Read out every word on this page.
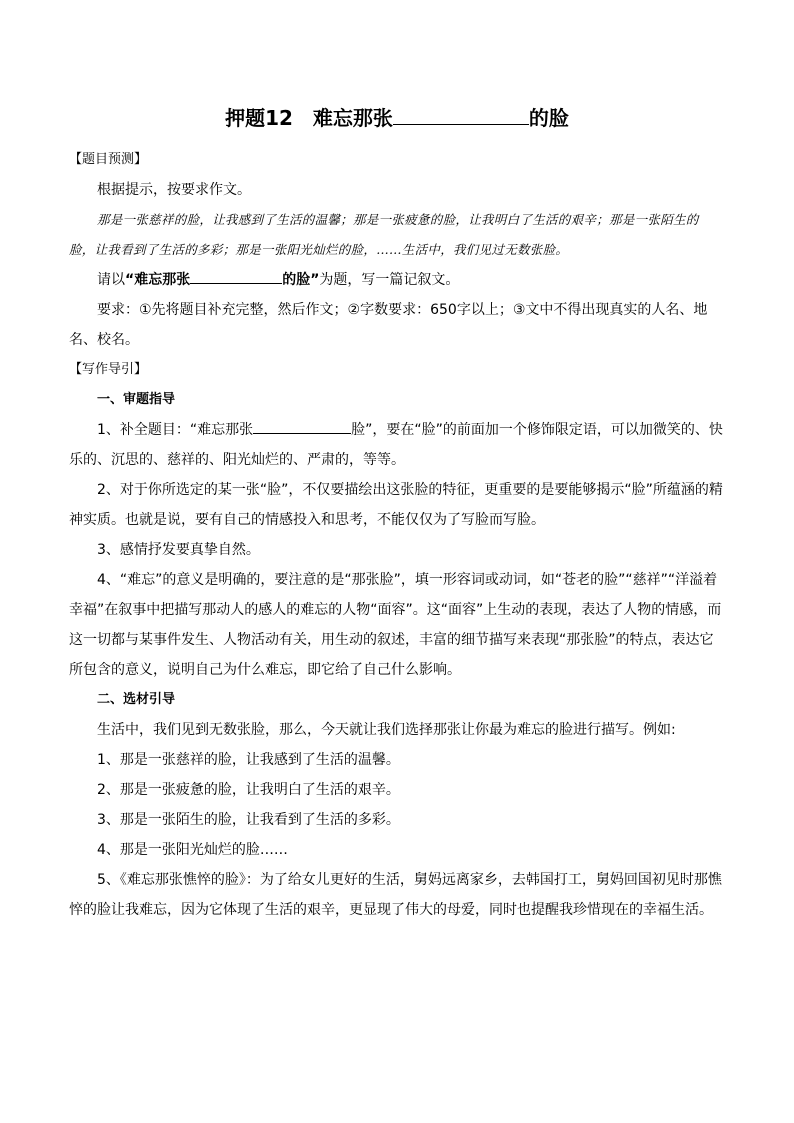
押题12　难忘那张	的脸

【题目预测】

根据提示，按要求作文。

那是一张慈祥的脸，让我感到了生活的温馨；那是一张疲惫的脸，让我明白了生活的艰辛；那是一张陌生的脸，让我看到了生活的多彩；那是一张阳光灿烂的脸，……生活中，我们见过无数张脸。

请以“难忘那张	的脸”为题，写一篇记叙文。

要求：①先将题目补充完整，然后作文；②字数要求：650字以上；③文中不得出现真实的人名、地名、校名。

【写作导引】

一、审题指导

1、补全题目：“难忘那张	脸”，要在“脸”的前面加一个修饰限定语，可以加微笑的、快乐的、沉思的、慈祥的、阳光灿烂的、严肃的，等等。

2、对于你所选定的某一张“脸”，不仅要描绘出这张脸的特征，更重要的是要能够揭示“脸”所蕴涵的精神实质。也就是说，要有自己的情感投入和思考，不能仅仅为了写脸而写脸。

3、感情抒发要真挚自然。

4、“难忘”的意义是明确的，要注意的是“那张脸”，填一形容词或动词，如“苍老的脸”“慈祥”“洋溢着幸福”在叙事中把描写那动人的感人的难忘的人物“面容”。这“面容”上生动的表现，表达了人物的情感，而这一切都与某事件发生、人物活动有关，用生动的叙述，丰富的细节描写来表现“那张脸”的特点，表达它所包含的意义，说明自己为什么难忘，即它给了自己什么影响。

二、选材引导

生活中，我们见到无数张脸，那么，今天就让我们选择那张让你最为难忘的脸进行描写。例如:

1、那是一张慈祥的脸，让我感到了生活的温馨。

2、那是一张疲惫的脸，让我明白了生活的艰辛。

3、那是一张陌生的脸，让我看到了生活的多彩。

4、那是一张阳光灿烂的脸……

5、《难忘那张憔悴的脸》：为了给女儿更好的生活，舅妈远离家乡，去韩国打工，舅妈回国初见时那憔悴的脸让我难忘，因为它体现了生活的艰辛，更显现了伟大的母爱，同时也提醒我珍惜现在的幸福生活。
